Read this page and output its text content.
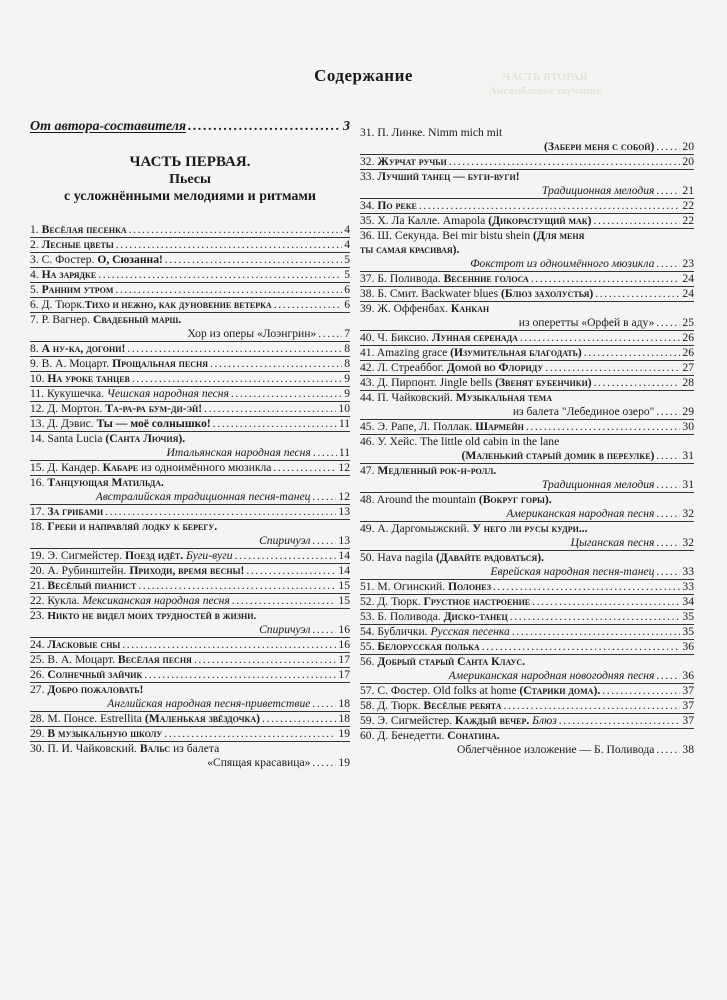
ЧАСТЬ ВТОРАЯ
Ансамблевое звучание
Содержание
От автора-составителя .....	3
ЧАСТЬ ПЕРВАЯ.
Пьесы
с усложнёнными мелодиями и ритмами
1. Весёлая песенка .....	4
2. Лесные цветы .....	4
3. С. Фостер. О, Сюзанна! .....	5
4. На зарядке .....	5
5. Ранним утром .....	6
6. Д. Тюрк.Тихо и нежно, как дуновение ветерка .....	6
7. Р. Вагнер. Свадебный марш.
Хор из оперы «Лоэнгрин» ...... 7
8. А ну-ка, догони! .....	8
9. В. А. Моцарт. Прощальная песня .....	8
10. На уроке танцев .....	9
11. Кукушечка. Чешская народная песня .....	9
12. Д. Мортон. Та-ра-ра бум-ди-эй! .....	10
13. Д. Дэвис. Ты — моё солнышко! .....	11
14. Santa Lucia (Санта Лючия).
Итальянская народная песня ...... 11
15. Д. Кандер. Кабаре из одноимённого мюзикла .....	12
16. Танцующая Матильда.
Австралийская традиционная песня-танец ...... 12
17. За грибами .....	13
18. Греби и направляй лодку к берегу.
Спиричуэл ...... 13
19. Э. Сигмейстер. Поезд идёт. Буги-вуги .....	14
20. А. Рубинштейн. Приходи, время весны! .....	14
21. Весёлый пианист .....	15
22. Кукла. Мексиканская народная песня .....	15
23. Никто не видел моих трудностей в жизни.
Спиричуэл ...... 16
24. Ласковые сны .....	16
25. В. А. Моцарт. Весёлая песня .....	17
26. Солнечный зайчик .....	17
27. Добро пожаловать!
Английская народная песня-приветствие ...... 18
28. М. Понсе. Estrellita (Маленькая звёздочка) .....	18
29. В музыкальную школу .....	19
30. П. И. Чайковский. Вальс из балета
«Спящая красавица» ...... 19
31. П. Линке. Nimm mich mit
(Забери меня с собой) ...... 20
32. Журчат ручьи .....	20
33. Лучший танец — буги-вуги!
Традиционная мелодия ...... 21
34. По реке .....	22
35. Х. Ла Калле. Amapola (Дикорастущий мак) .....	22
36. Ш. Секунда. Bei mir bistu shein (Для меня
ты самая красивая).
Фокстрот из одноимённого мюзикла ...... 23
37. Б. Поливода. Весенние голоса .....	24
38. Б. Смит. Backwater blues (Блюз захолустья) .....	24
39. Ж. Оффенбах. Канкан
из оперетты «Орфей в аду» ...... 25
40. Ч. Биксио. Лунная серенада .....	26
41. Amazing grace (Изумительная благодать) .....	26
42. Л. Стреаббог. Домой во Флориду .....	27
43. Д. Пирпонт. Jingle bells (Звенят бубенчики) .....	28
44. П. Чайковский. Музыкальная тема
из балета "Лебединое озеро" ...... 29
45. Э. Рапе, Л. Поллак. Шармейн .....	30
46. У. Хейс. The little old cabin in the lane
(Маленький старый домик в переулке) ...... 31
47. Медленный рок-н-ролл.
Традиционная мелодия ...... 31
48. Around the mountain (Вокруг горы).
Американская народная песня ...... 32
49. А. Даргомыжский. У него ли русы кудри...
Цыганская песня ...... 32
50. Hava nagila (Давайте радоваться).
Еврейская народная песня-танец ...... 33
51. М. Огинский. Полонез .....	33
52. Д. Тюрк. Грустное настроение .....	34
53. Б. Поливода. Диско-танец .....	35
54. Бублички. Русская песенка .....	35
55. Белорусская полька .....	36
56. Добрый старый Санта Клаус.
Американская народная новогодняя песня ...... 36
57. С. Фостер. Old folks at home (Старики дома). .....	37
58. Д. Тюрк. Весёлые ребята .....	37
59. Э. Сигмейстер. Каждый вечер. Блюз .....	37
60. Д. Бенедетти. Сонатина.
Облегчённое изложение — Б. Поливода ...... 38
